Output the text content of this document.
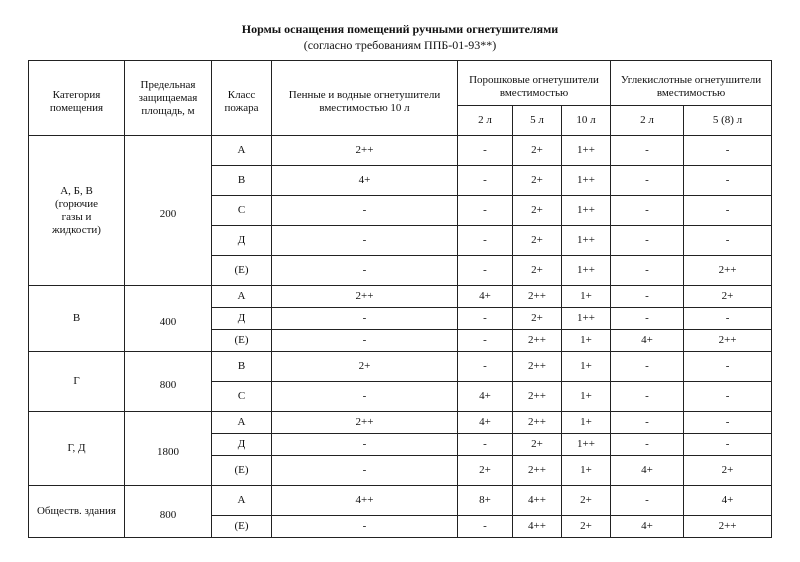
Нормы оснащения помещений ручными огнетушителями
(согласно требованиям ППБ-01-93**)
Категория помещения	Предельная защищаемая площадь, м	Класс пожара	Пенные и водные огнетушители вместимостью 10 л	Порошковые огнетушители вместимостью			Углекислотные огнетушители вместимостью	
				2 л	5 л	10 л	2 л	5 (8) л

А, Б, В
(горючие
газы и
жидкости)	200	А	2++	-	2+	1++	-	-
		В	4+	-	2+	1++	-	-
		С	-	-	2+	1++	-	-
		Д	-	-	2+	1++	-	-
		(Е)	-	-	2+	1++	-	2++

В	400	А	2++	4+	2++	1+	-	2+
		Д	-	-	2+	1++	-	-
		(Е)	-	-	2++	1+	4+	2++

Г	800	В	2+	-	2++	1+	-	-
		С	-	4+	2++	1+	-	-

Г, Д	1800	А	2++	4+	2++	1+	-	-
		Д	-	-	2+	1++	-	-
		(Е)	-	2+	2++	1+	4+	2+

Обществ. здания	800	А	4++	8+	4++	2+	-	4+
		(Е)	-	-	4++	2+	4+	2++
